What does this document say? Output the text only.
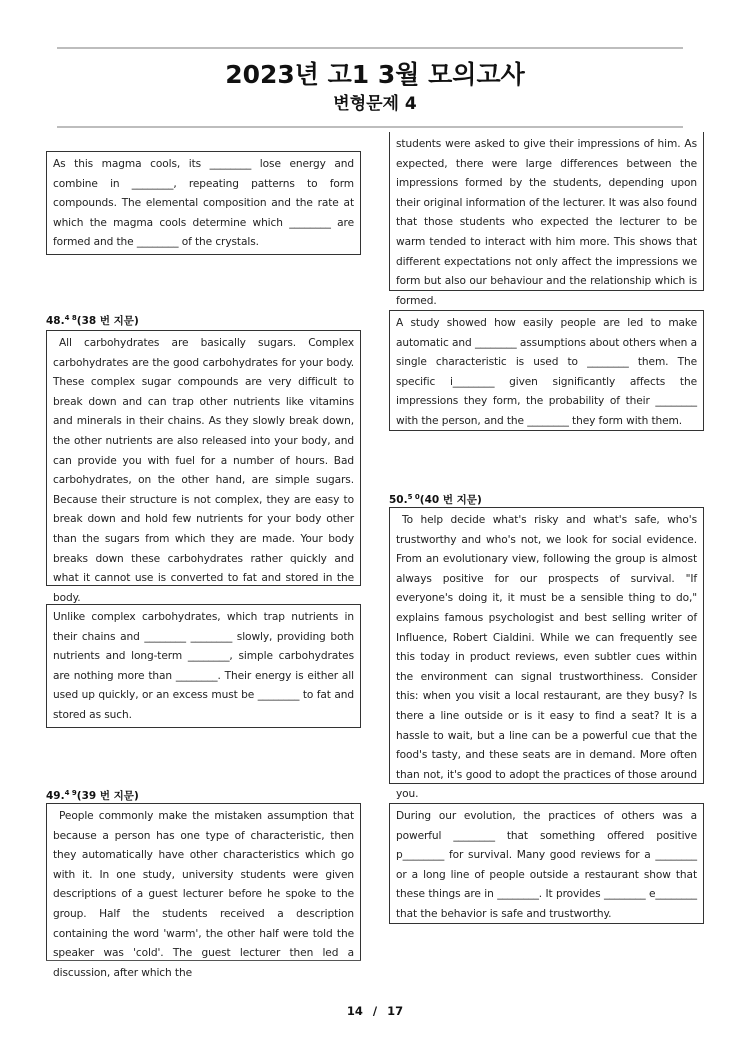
2023년 고1 3월 모의고사
변형문제 4

As this magma cools, its ________ lose energy and combine in ________, repeating patterns to form compounds. The elemental composition and the rate at which the magma cools determine which ________ are formed and the ________ of the crystals.

48.$^{4 8}$(38 번 지문)

All carbohydrates are basically sugars. Complex carbohydrates are the good carbohydrates for your body. These complex sugar compounds are very difficult to break down and can trap other nutrients like vitamins and minerals in their chains. As they slowly break down, the other nutrients are also released into your body, and can provide you with fuel for a number of hours. Bad carbohydrates, on the other hand, are simple sugars. Because their structure is not complex, they are easy to break down and hold few nutrients for your body other than the sugars from which they are made. Your body breaks down these carbohydrates rather quickly and what it cannot use is converted to fat and stored in the body.

Unlike complex carbohydrates, which trap nutrients in their chains and ________ ________ slowly, providing both nutrients and long-term ________, simple carbohydrates are nothing more than ________. Their energy is either all used up quickly, or an excess must be ________ to fat and stored as such.

49.$^{4 9}$(39 번 지문)

People commonly make the mistaken assumption that because a person has one type of characteristic, then they automatically have other characteristics which go with it. In one study, university students were given descriptions of a guest lecturer before he spoke to the group. Half the students received a description containing the word 'warm', the other half were told the speaker was 'cold'. The guest lecturer then led a discussion, after which the

students were asked to give their impressions of him. As expected, there were large differences between the impressions formed by the students, depending upon their original information of the lecturer. It was also found that those students who expected the lecturer to be warm tended to interact with him more. This shows that different expectations not only affect the impressions we form but also our behaviour and the relationship which is formed.

A study showed how easily people are led to make automatic and ________ assumptions about others when a single characteristic is used to ________ them. The specific i________ given significantly affects the impressions they form, the probability of their ________ with the person, and the ________ they form with them.

50.$^{5 0}$(40 번 지문)

To help decide what's risky and what's safe, who's trustworthy and who's not, we look for social evidence. From an evolutionary view, following the group is almost always positive for our prospects of survival. "If everyone's doing it, it must be a sensible thing to do," explains famous psychologist and best selling writer of Influence, Robert Cialdini. While we can frequently see this today in product reviews, even subtler cues within the environment can signal trustworthiness. Consider this: when you visit a local restaurant, are they busy? Is there a line outside or is it easy to find a seat? It is a hassle to wait, but a line can be a powerful cue that the food's tasty, and these seats are in demand. More often than not, it's good to adopt the practices of those around you.

During our evolution, the practices of others was a powerful ________ that something offered positive p________ for survival. Many good reviews for a ________ or a long line of people outside a restaurant show that these things are in ________. It provides ________ e________ that the behavior is safe and trustworthy.

14 / 17
